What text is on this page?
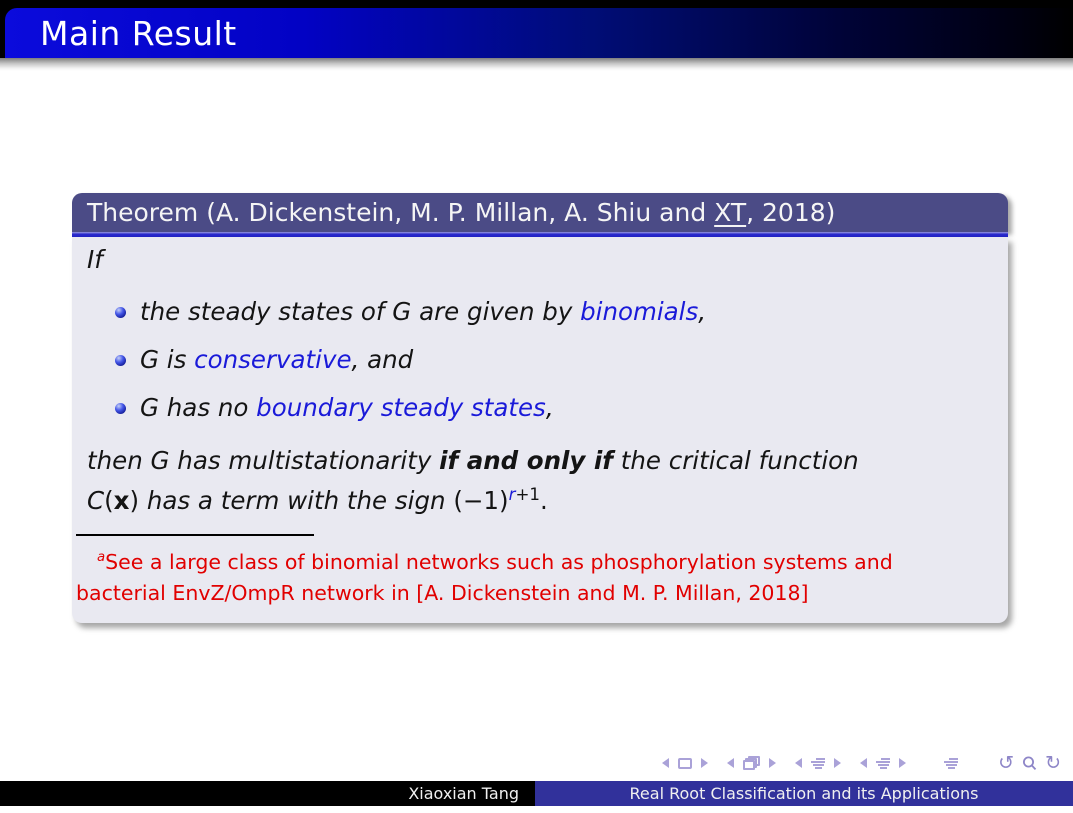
Main Result
Theorem (A. Dickenstein, M. P. Millan, A. Shiu and XT, 2018)
If
the steady states of G are given by binomials,
G is conservative, and
G has no boundary steady states,
then G has multistationarity if and only if the critical function
C(x) has a term with the sign $(-1)^{r+1}$.
$^a$See a large class of binomial networks such as phosphorylation systems and
bacterial EnvZ/OmpR network in [A. Dickenstein and M. P. Millan, 2018]
↺ ↻
Xiaoxian Tang	Real Root Classification and its Applications
